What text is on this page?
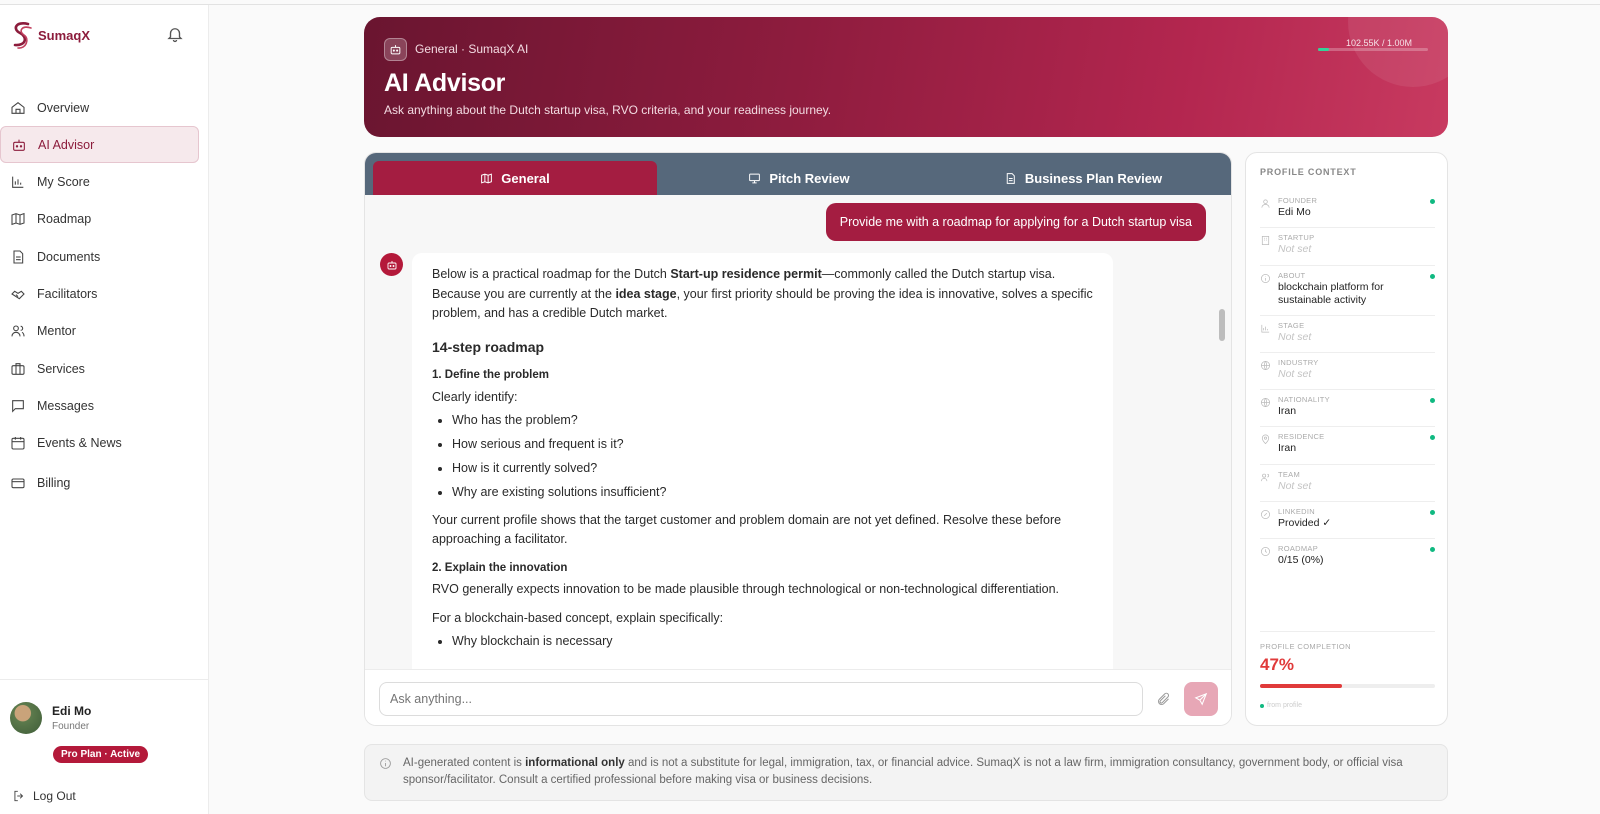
SumaqX
Overview
AI Advisor
My Score
Roadmap
Documents
Facilitators
Mentor
Services
Messages
Events & News
Billing
Edi Mo
Founder
Pro Plan · Active
Log Out
General · SumaqX AI
AI Advisor
Ask anything about the Dutch startup visa, RVO criteria, and your readiness journey.
102.55K / 1.00M
General	Pitch Review	Business Plan Review
Provide me with a roadmap for applying for a Dutch startup visa

Below is a practical roadmap for the Dutch Start-up residence permit—commonly called the Dutch startup visa. Because you are currently at the idea stage, your first priority should be proving the idea is innovative, solves a specific problem, and has a credible Dutch market.

14-step roadmap
1. Define the problem

Clearly identify:

• Who has the problem?
• How serious and frequent is it?
• How is it currently solved?
• Why are existing solutions insufficient?

Your current profile shows that the target customer and problem domain are not yet defined. Resolve these before approaching a facilitator.

2. Explain the innovation

RVO generally expects innovation to be made plausible through technological or non-technological differentiation.

For a blockchain-based concept, explain specifically:

• Why blockchain is necessary
Ask anything...
PROFILE CONTEXT
FOUNDER
Edi Mo
STARTUP
Not set
ABOUT
blockchain platform for sustainable activity
STAGE
Not set
INDUSTRY
Not set
NATIONALITY
Iran
RESIDENCE
Iran
TEAM
Not set
LINKEDIN
Provided ✓
ROADMAP
0/15 (0%)
PROFILE COMPLETION
47%
from profile
AI-generated content is informational only and is not a substitute for legal, immigration, tax, or financial advice. SumaqX is not a law firm, immigration consultancy, government body, or official visa sponsor/facilitator. Consult a certified professional before making visa or business decisions.
